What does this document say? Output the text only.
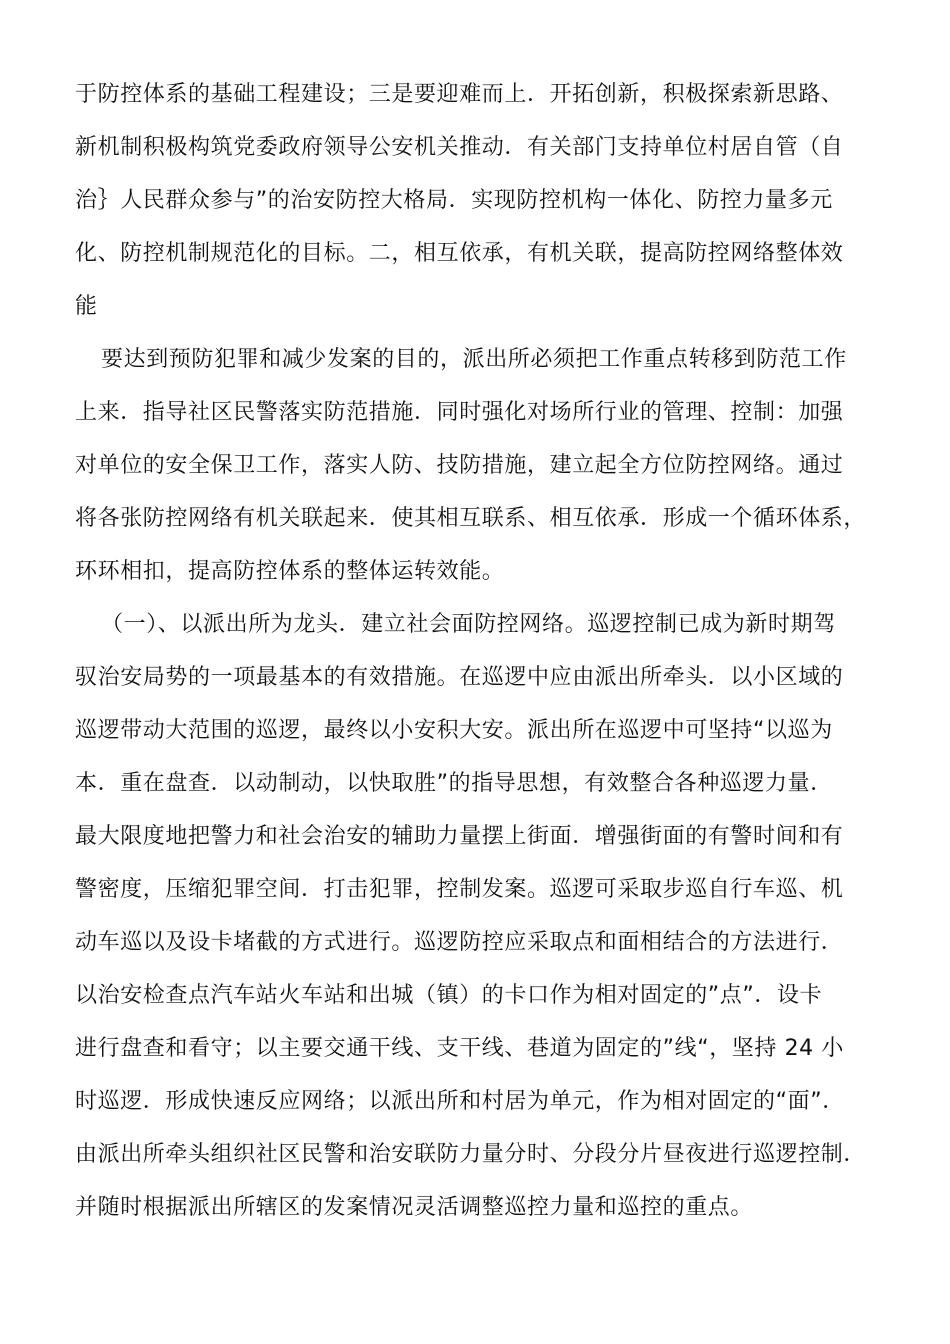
于防控体系的基础工程建设；三是要迎难而上．开拓创新，积极探索新思路、
新机制积极构筑党委政府领导公安机关推动．有关部门支持单位村居自管（自
治｝人民群众参与”的治安防控大格局．实现防控机构一体化、防控力量多元
化、防控机制规范化的目标。二，相互依承，有机关联，提高防控网络整体效
能
要达到预防犯罪和减少发案的目的，派出所必须把工作重点转移到防范工作
上来．指导社区民警落实防范措施．同时强化对场所行业的管理、控制：加强
对单位的安全保卫工作，落实人防、技防措施，建立起全方位防控网络。通过
将各张防控网络有机关联起来．使其相互联系、相互依承．形成一个循环体系，
环环相扣，提高防控体系的整体运转效能。
（一）、以派出所为龙头．建立社会面防控网络。巡逻控制已成为新时期驾
驭治安局势的一项最基本的有效措施。在巡逻中应由派出所牵头．以小区域的
巡逻带动大范围的巡逻，最终以小安积大安。派出所在巡逻中可坚持“以巡为
本．重在盘查．以动制动，以快取胜”的指导思想，有效整合各种巡逻力量．
最大限度地把警力和社会治安的辅助力量摆上街面．增强街面的有警时间和有
警密度，压缩犯罪空间．打击犯罪，控制发案。巡逻可采取步巡自行车巡、机
动车巡以及设卡堵截的方式进行。巡逻防控应采取点和面相结合的方法进行．
以治安检查点汽车站火车站和出城（镇）的卡口作为相对固定的”点”．设卡
进行盘查和看守；以主要交通干线、支干线、巷道为固定的”线“，坚持 24 小
时巡逻．形成快速反应网络；以派出所和村居为单元，作为相对固定的“面”．
由派出所牵头组织社区民警和治安联防力量分时、分段分片昼夜进行巡逻控制．
并随时根据派出所辖区的发案情况灵活调整巡控力量和巡控的重点。
